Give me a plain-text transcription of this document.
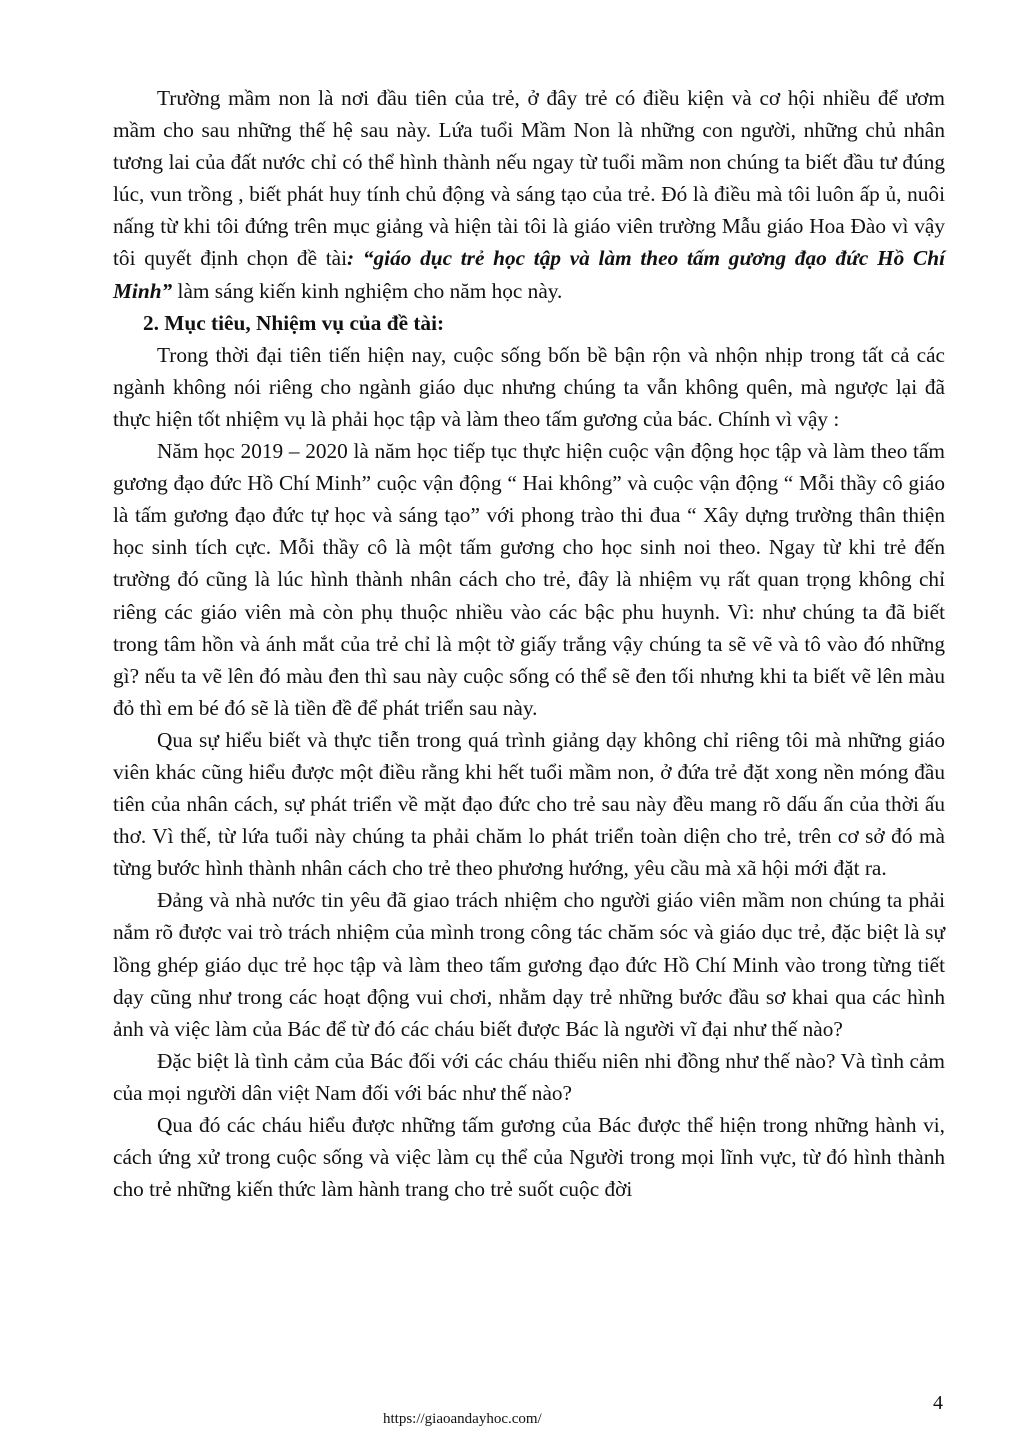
Trường mầm non là nơi đầu tiên của trẻ, ở đây trẻ có điều kiện và cơ hội nhiều để ươm mầm cho sau những thế hệ sau này. Lứa tuổi Mầm Non là những con người, những chủ nhân tương lai của đất nước chỉ có thể hình thành nếu ngay từ tuổi mầm non chúng ta biết đầu tư đúng lúc, vun trồng , biết phát huy tính chủ động và sáng tạo của trẻ. Đó là điều mà tôi luôn ấp ủ, nuôi nấng từ khi tôi đứng trên mục giảng và hiện tài tôi là giáo viên trường Mẫu giáo Hoa Đào vì vậy tôi quyết định chọn đề tài: “giáo dục trẻ học tập và làm theo tấm gương đạo đức Hồ Chí Minh” làm sáng kiến kinh nghiệm cho năm học này.

2. Mục tiêu, Nhiệm vụ của đề tài:

Trong thời đại tiên tiến hiện nay, cuộc sống bốn bề bận rộn và nhộn nhịp trong tất cả các ngành không nói riêng cho ngành giáo dục nhưng chúng ta vẫn không quên, mà ngược lại đã thực hiện tốt nhiệm vụ là phải học tập và làm theo tấm gương của bác. Chính vì vậy :

Năm học 2019 – 2020 là năm học tiếp tục thực hiện cuộc vận động học tập và làm theo tấm gương đạo đức Hồ Chí Minh” cuộc vận động “ Hai không” và cuộc vận động “ Mỗi thầy cô giáo là tấm gương đạo đức tự học và sáng tạo” với phong trào thi đua “ Xây dựng trường thân thiện học sinh tích cực. Mỗi thầy cô là một tấm gương cho học sinh noi theo. Ngay từ khi trẻ đến trường đó cũng là lúc hình thành nhân cách cho trẻ, đây là nhiệm vụ rất quan trọng không chỉ riêng các giáo viên mà còn phụ thuộc nhiều vào các bậc phu huynh. Vì: như chúng ta đã biết trong tâm hồn và ánh mắt của trẻ chỉ là một tờ giấy trắng vậy chúng ta sẽ vẽ và tô vào đó những gì? nếu ta vẽ lên đó màu đen thì sau này cuộc sống có thể sẽ đen tối nhưng khi ta biết vẽ lên màu đỏ thì em bé đó sẽ là tiền đề để phát triển sau này.

Qua sự hiểu biết và thực tiễn trong quá trình giảng dạy không chỉ riêng tôi mà những giáo viên khác cũng hiểu được một điều rằng khi hết tuổi mầm non, ở đứa trẻ đặt xong nền móng đầu tiên của nhân cách, sự phát triển về mặt đạo đức cho trẻ sau này đều mang rõ dấu ấn của thời ấu thơ. Vì thế, từ lứa tuổi này chúng ta phải chăm lo phát triển toàn diện cho trẻ, trên cơ sở đó mà từng bước hình thành nhân cách cho trẻ theo phương hướng, yêu cầu mà xã hội mới đặt ra.

Đảng và nhà nước tin yêu đã giao trách nhiệm cho người giáo viên mầm non chúng ta phải nắm rõ được vai trò trách nhiệm của mình trong công tác chăm sóc và giáo dục trẻ, đặc biệt là sự lồng ghép giáo dục trẻ học tập và làm theo tấm gương đạo đức Hồ Chí Minh vào trong từng tiết dạy cũng như trong các hoạt động vui chơi, nhằm dạy trẻ những bước đầu sơ khai qua các hình ảnh và việc làm của Bác để từ đó các cháu biết được Bác là người vĩ đại như thế nào?

Đặc biệt là tình cảm của Bác đối với các cháu thiếu niên nhi đồng như thế nào? Và tình cảm của mọi người dân việt Nam đối với bác như thế nào?

Qua đó các cháu hiểu được những tấm gương của Bác được thể hiện trong những hành vi, cách ứng xử trong cuộc sống và việc làm cụ thể của Người trong mọi lĩnh vực, từ đó hình thành cho trẻ những kiến thức làm hành trang cho trẻ suốt cuộc đời

4
https://giaoandayhoc.com/
